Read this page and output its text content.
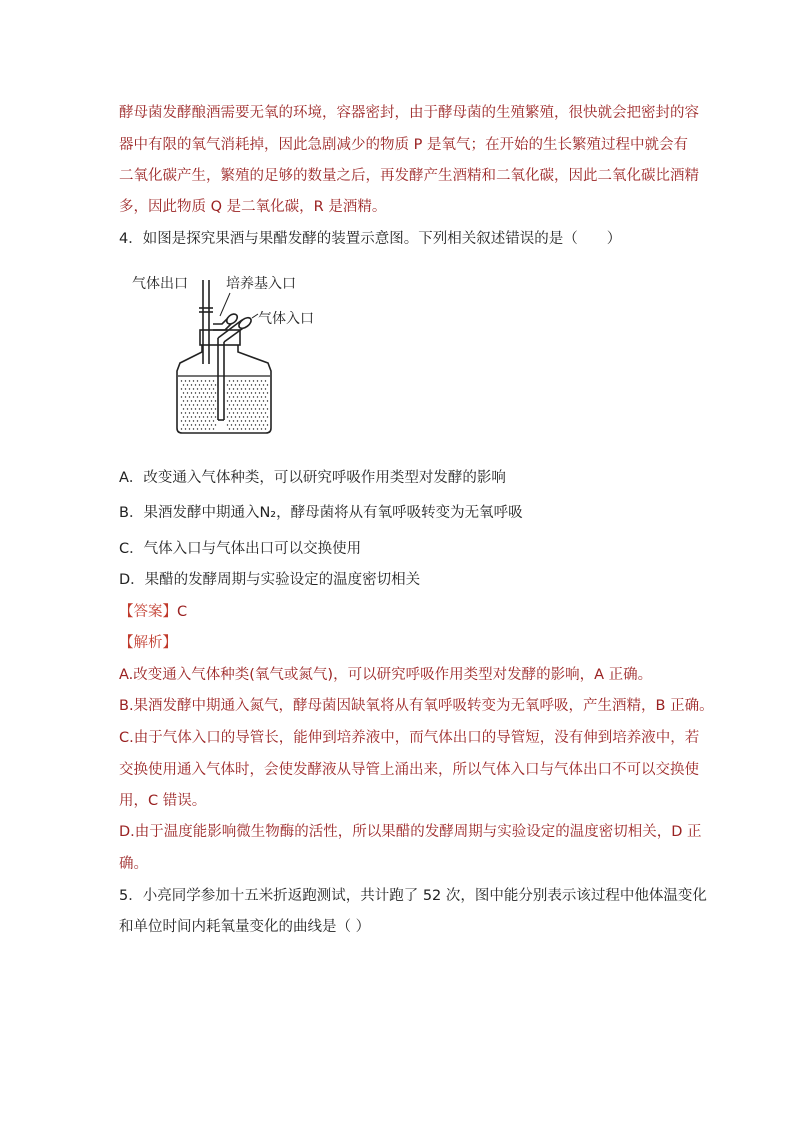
酵母菌发酵酿酒需要无氧的环境，容器密封，由于酵母菌的生殖繁殖，很快就会把密封的容
器中有限的氧气消耗掉，因此急剧减少的物质 P 是氧气；在开始的生长繁殖过程中就会有
二氧化碳产生，繁殖的足够的数量之后，再发酵产生酒精和二氧化碳，因此二氧化碳比酒精
多，因此物质 Q 是二氧化碳，R 是酒精。
4．如图是探究果酒与果醋发酵的装置示意图。下列相关叙述错误的是（　　）
气体出口	培养基入口
气体入口
A．改变通入气体种类，可以研究呼吸作用类型对发酵的影响
B．果酒发酵中期通入N₂，酵母菌将从有氧呼吸转变为无氧呼吸
C．气体入口与气体出口可以交换使用
D．果醋的发酵周期与实验设定的温度密切相关
【答案】C
【解析】
A.改变通入气体种类(氧气或氮气)，可以研究呼吸作用类型对发酵的影响，A 正确。
B.果酒发酵中期通入氮气，酵母菌因缺氧将从有氧呼吸转变为无氧呼吸，产生酒精，B 正确。
C.由于气体入口的导管长，能伸到培养液中，而气体出口的导管短，没有伸到培养液中，若
交换使用通入气体时，会使发酵液从导管上涌出来，所以气体入口与气体出口不可以交换使
用，C 错误。
D.由于温度能影响微生物酶的活性，所以果醋的发酵周期与实验设定的温度密切相关，D 正
确。
5．小亮同学参加十五米折返跑测试，共计跑了 52 次，图中能分别表示该过程中他体温变化
和单位时间内耗氧量变化的曲线是（ ）
